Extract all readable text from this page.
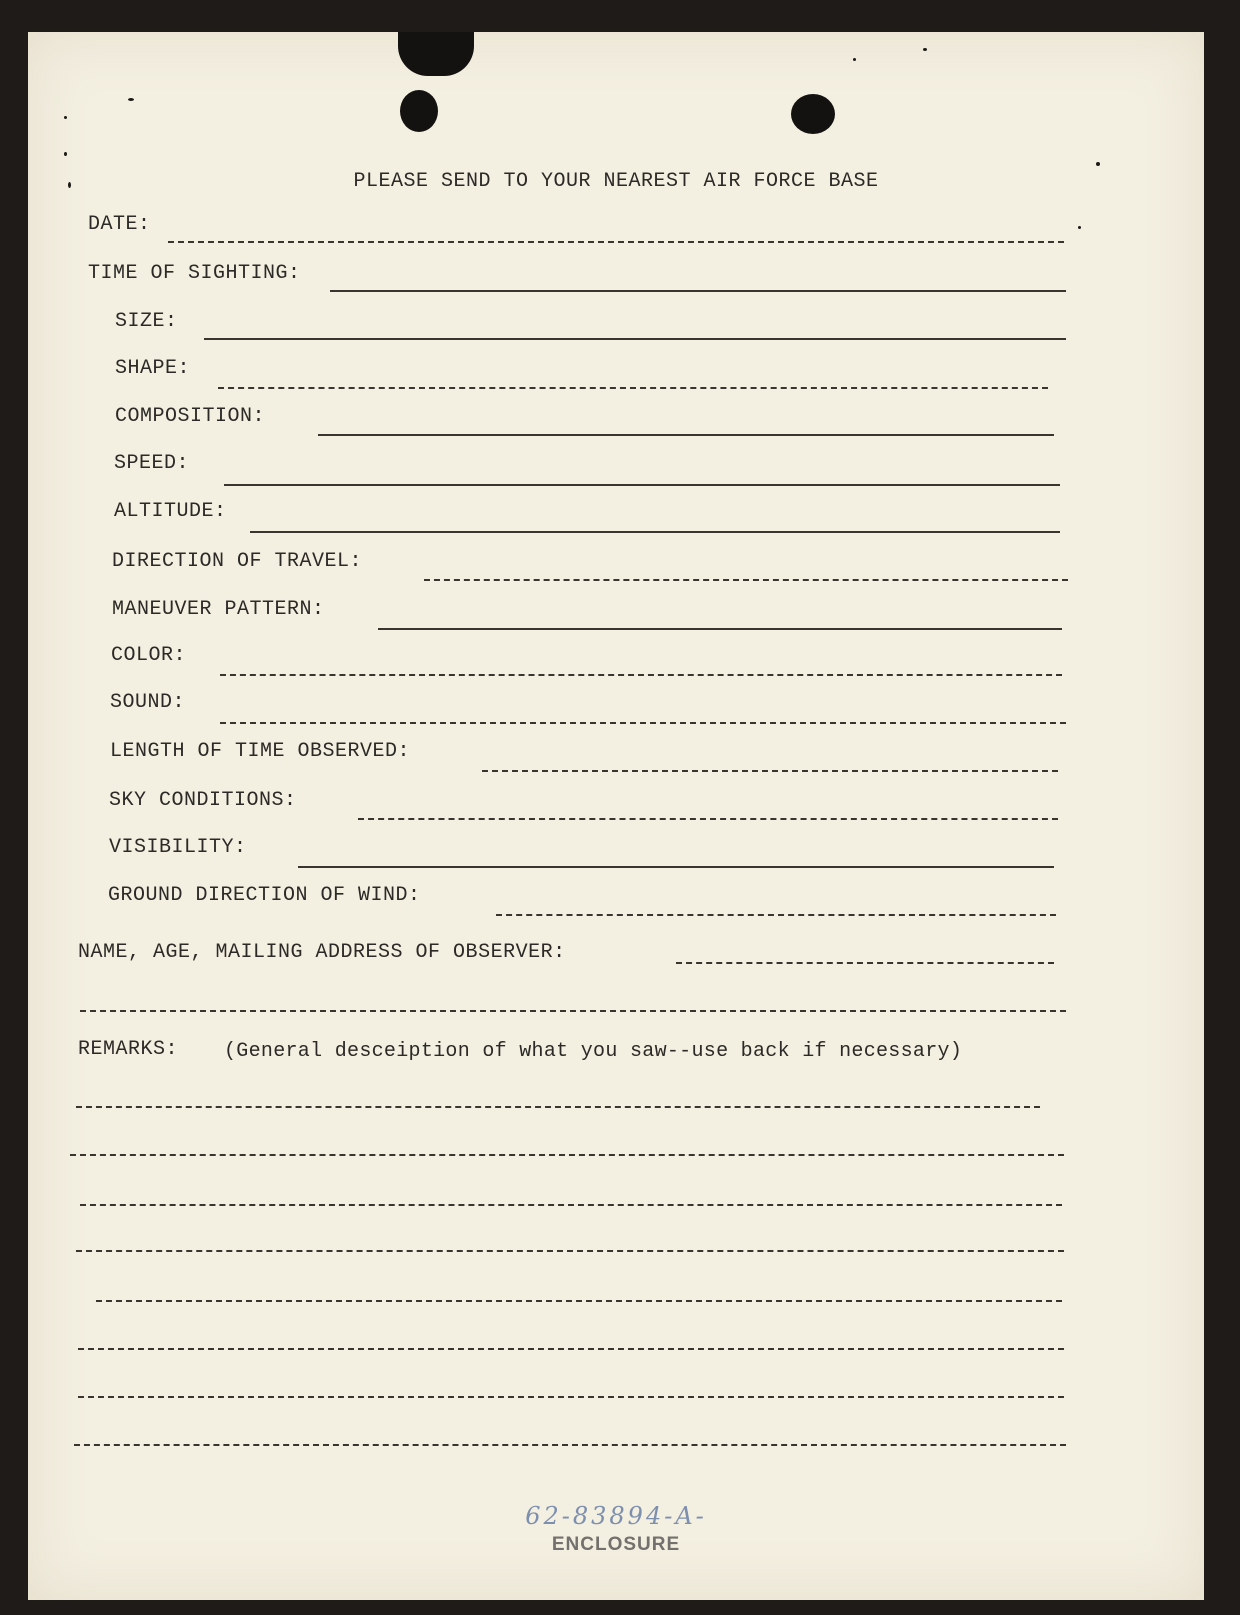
PLEASE SEND TO YOUR NEAREST AIR FORCE BASE
DATE:
TIME OF SIGHTING:
SIZE:
SHAPE:
COMPOSITION:
SPEED:
ALTITUDE:
DIRECTION OF TRAVEL:
MANEUVER PATTERN:
COLOR:
SOUND:
LENGTH OF TIME OBSERVED:
SKY CONDITIONS:
VISIBILITY:
GROUND DIRECTION OF WIND:
NAME, AGE, MAILING ADDRESS OF OBSERVER:
REMARKS: (General desceiption of what you saw--use back if necessary)
62-83894-A-
ENCLOSURE
